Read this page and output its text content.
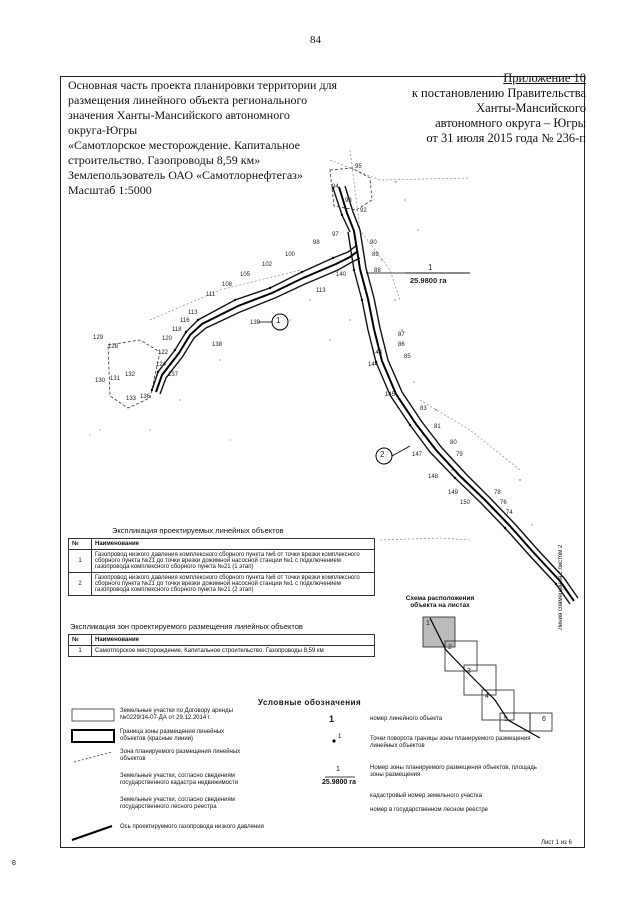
84
Основная часть проекта планировки территории для
размещения линейного объекта регионального
значения Ханты-Мансийского автономного
округа-Югры
«Самотлорское месторождение. Капитальное
строительство. Газопроводы 8,59 км»
Землепользователь ОАО «Самотлорнефтегаз»
Масштаб 1:5000
Приложение 10
к постановлению Правительства
Ханты-Мансийского
автономного округа – Югры
от 31 июля 2015 года № 236-п
1
2
1
25.9800 га
129
128
130 131
132
133 136
137
138
139
113
113
116
118
120
122
124
95
94
93
92
90
98
97
100
102
105
108
111
140
89
88
87
86
85
83
81
80
79
78
76
74
143
144
145
147
148
149
150
Линия совмещения с листом 2
Экспликация проектируемых линейных объектов
№	Наименование
1	Газопровод низкого давления комплексного сборного пункта №6 от точки врезки комплексного сборного пункта №21 до точки врезки дожимной насосной станции №1 с подключением газопровода комплексного сборного пункта №21 (1 этап)
2	Газопровод низкого давления комплексного сборного пункта №6 от точки врезки комплексного сборного пункта №21 до точки врезки дожимной насосной станции №1 с подключением газопровода комплексного сборного пункта №21 (2 этап)
Экспликация зон проектируемого размещения линейных объектов
№	Наименование
1	Самотлорское месторождение. Капитальное строительство. Газопроводы 8,59 км
Схема расположения
объекта на листах
1
2
3
4
5	6
Условные обозначения
Земельные участки по Договору аренды №0229/14-07-ДА от 29.12.2014 г.
Граница зоны размещения линейных объектов (красные линии)
Зона планируемого размещения линейных объектов
Земельные участки, согласно сведениям государственного кадастра недвижимости
Земельные участки, согласно сведениям государственного лесного реестра
Ось проектируемого газопровода низкого давления
1
1
1
25.9800 га
номер линейного объекта
Точки поворота границы зоны планируемого размещения линейных объектов
Номер зоны планируемого размещения объектов, площадь зоны размещения
кадастровый номер земельного участка
номер в государственном лесном реестре
Лист 1 из 6
8
